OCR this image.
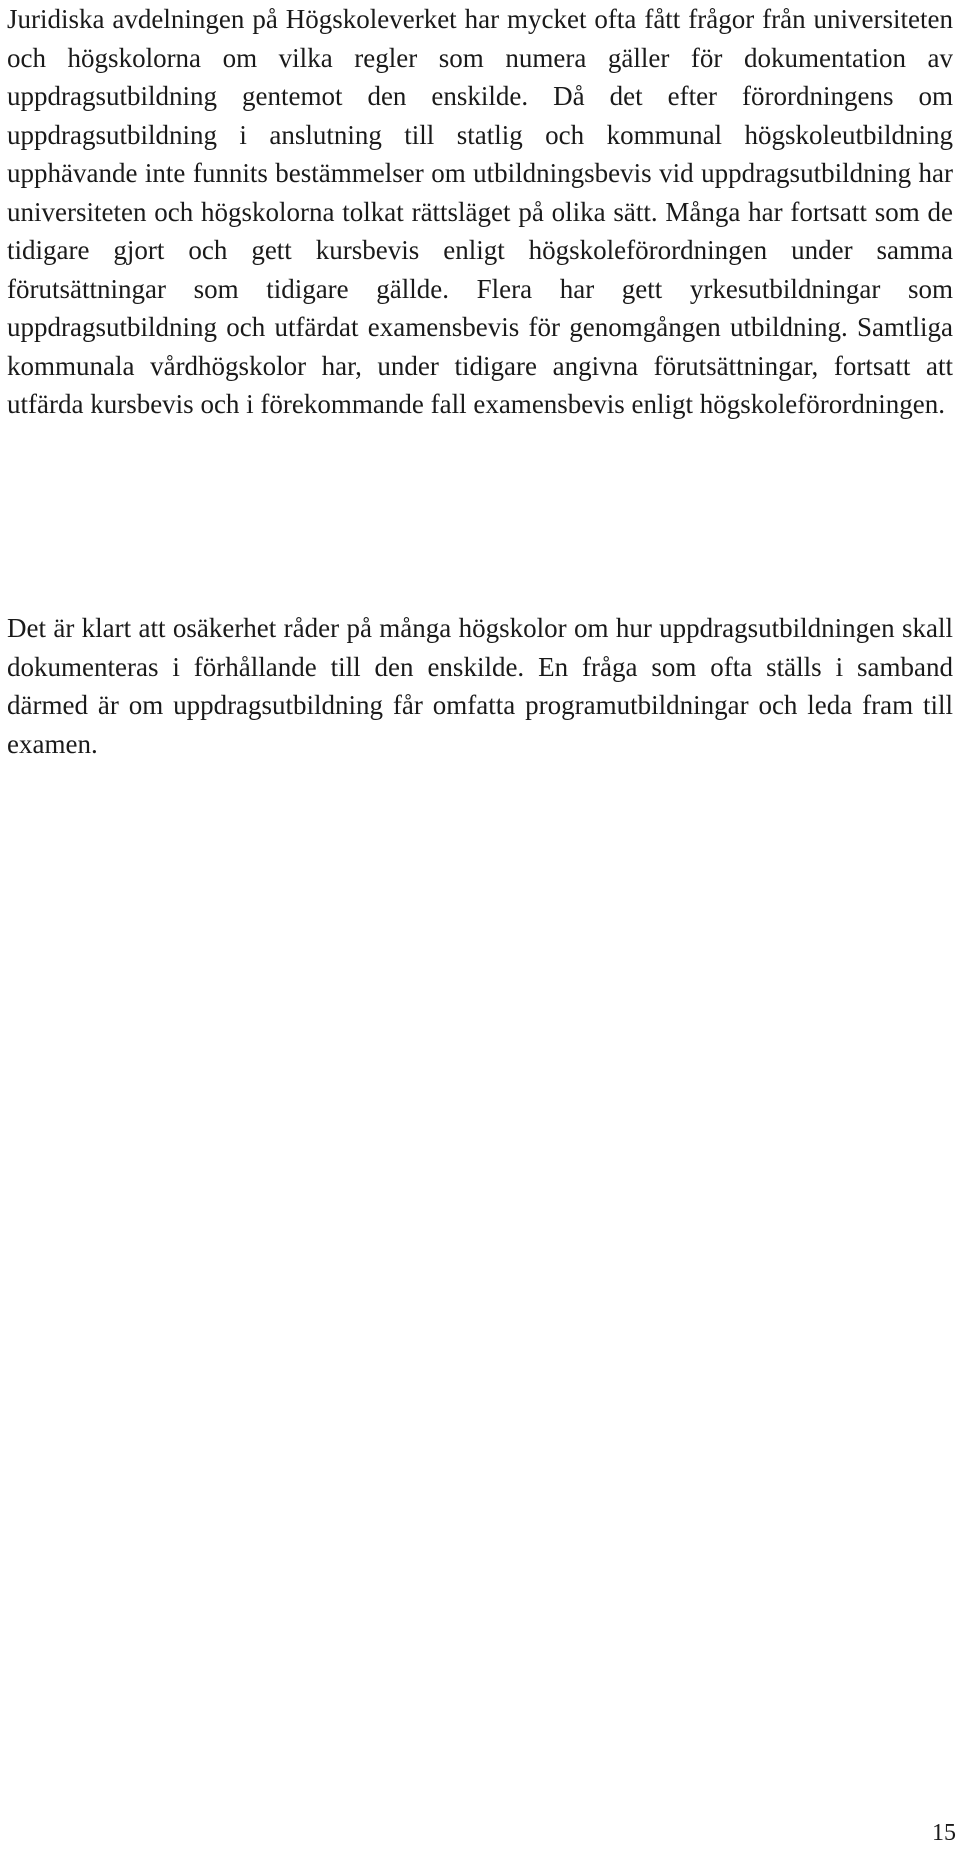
Juridiska avdelningen på Högskoleverket har mycket ofta fått frågor från universiteten och högskolorna om vilka regler som numera gäller för dokumentation av uppdragsutbildning gentemot den enskilde. Då det efter förordningens om uppdragsutbildning i anslutning till statlig och kommunal högskoleutbildning upphävande inte funnits bestämmelser om utbildningsbevis vid uppdragsutbildning har universiteten och högskolorna tolkat rättsläget på olika sätt. Många har fortsatt som de tidigare gjort och gett kursbevis enligt högskoleförordningen under samma förutsättningar som tidigare gällde. Flera har gett yrkesutbildningar som uppdragsutbildning och utfärdat examensbevis för genomgången utbildning. Samtliga kommunala vårdhögskolor har, under tidigare angivna förutsättningar, fortsatt att utfärda kursbevis och i förekommande fall examensbevis enligt högskoleförordningen.

Det är klart att osäkerhet råder på många högskolor om hur uppdragsutbildningen skall dokumenteras i förhållande till den enskilde. En fråga som ofta ställs i samband därmed är om uppdragsutbildning får omfatta programutbildningar och leda fram till examen.

15
